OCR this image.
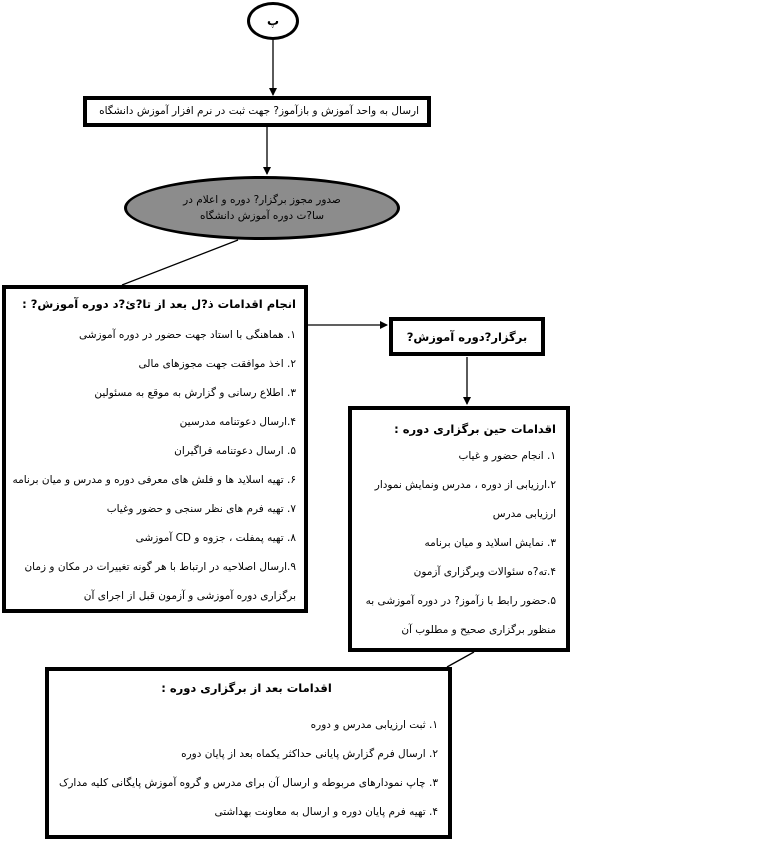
پ
ارسال به واحد آموزش و بازآموز? جهت ثبت در نرم افزار آموزش دانشگاه
صدور مجوز برگزار? دوره و اعلام در
سا?ت دوره آموزش دانشگاه
انجام اقدامات ذ?ل بعد از تا?ئ?د دوره آموزش? :
۱. هماهنگی با استاد جهت حضور در دوره آموزشی
۲. اخذ موافقت جهت مجوزهای مالی
۳. اطلاع رسانی و گزارش به موقع به مسئولین
۴.ارسال دعوتنامه مدرسین
۵. ارسال دعوتنامه فراگیران
۶. تهیه اسلاید ها و فلش های معرفی دوره و مدرس و میان برنامه
۷. تهیه فرم های نظر سنجی و حضور وغیاب
۸. تهیه پمفلت ، جزوه و CD آموزشی
۹.ارسال اصلاحیه در ارتباط با هر گونه تغییرات در مکان و زمان
برگزاری دوره آموزشی و آزمون قبل از اجرای آن
برگزار?دوره آموزش?
اقدامات حین برگزاری دوره :
۱. انجام حضور و غیاب
۲.ارزیابی از دوره ، مدرس ونمایش نمودار
ارزیابی مدرس
۳. نمایش اسلاید و میان برنامه
۴.ته?ه سئوالات وبرگزاری آزمون
۵.حضور رابط با زآموز? در دوره آموزشی به
منظور برگزاری صحیح و مطلوب آن
اقدامات بعد از برگزاری دوره :
۱. ثبت ارزیابی مدرس و دوره
۲. ارسال فرم گزارش پایانی حداکثر یکماه بعد از پایان دوره
۳. چاپ نمودارهای مربوطه و ارسال آن برای مدرس و گروه آموزش پایگانی کلیه مدارک
۴. تهیه فرم پایان دوره و ارسال به معاونت بهداشتی
